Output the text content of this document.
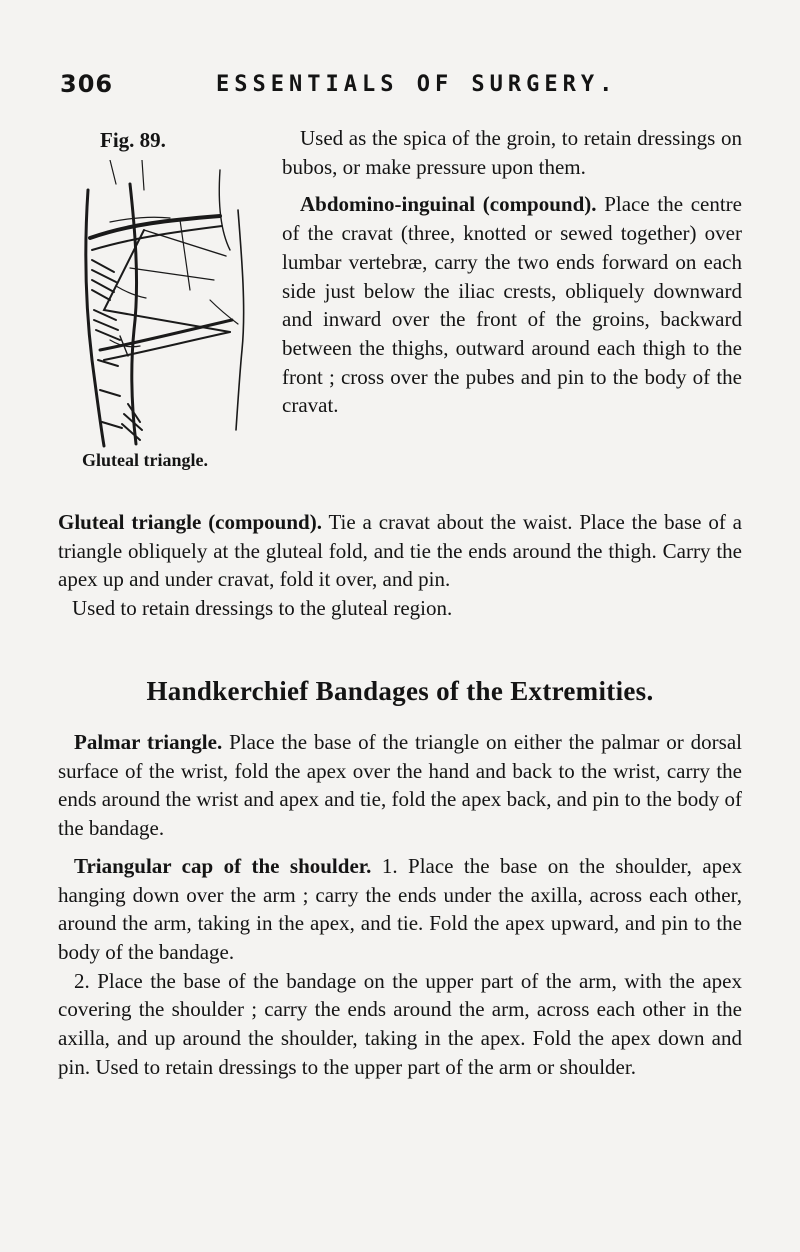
306	ESSENTIALS OF SURGERY.
Fig. 89.
Gluteal triangle.

Used as the spica of the groin, to retain dressings on bubos, or make pressure upon them.

Abdomino-inguinal (compound). Place the centre of the cravat (three, knotted or sewed together) over lumbar vertebræ, carry the two ends forward on each side just below the iliac crests, obliquely downward and inward over the front of the groins, backward between the thighs, outward around each thigh to the front ; cross over the pubes and pin to the body of the cravat.

Gluteal triangle (compound). Tie a cravat about the waist. Place the base of a triangle obliquely at the gluteal fold, and tie the ends around the thigh. Carry the apex up and under cravat, fold it over, and pin.

Used to retain dressings to the gluteal region.

Handkerchief Bandages of the Extremities.

Palmar triangle. Place the base of the triangle on either the palmar or dorsal surface of the wrist, fold the apex over the hand and back to the wrist, carry the ends around the wrist and apex and tie, fold the apex back, and pin to the body of the bandage.

Triangular cap of the shoulder. 1. Place the base on the shoulder, apex hanging down over the arm ; carry the ends under the axilla, across each other, around the arm, taking in the apex, and tie. Fold the apex upward, and pin to the body of the bandage.

2. Place the base of the bandage on the upper part of the arm, with the apex covering the shoulder ; carry the ends around the arm, across each other in the axilla, and up around the shoulder, taking in the apex. Fold the apex down and pin. Used to retain dressings to the upper part of the arm or shoulder.
